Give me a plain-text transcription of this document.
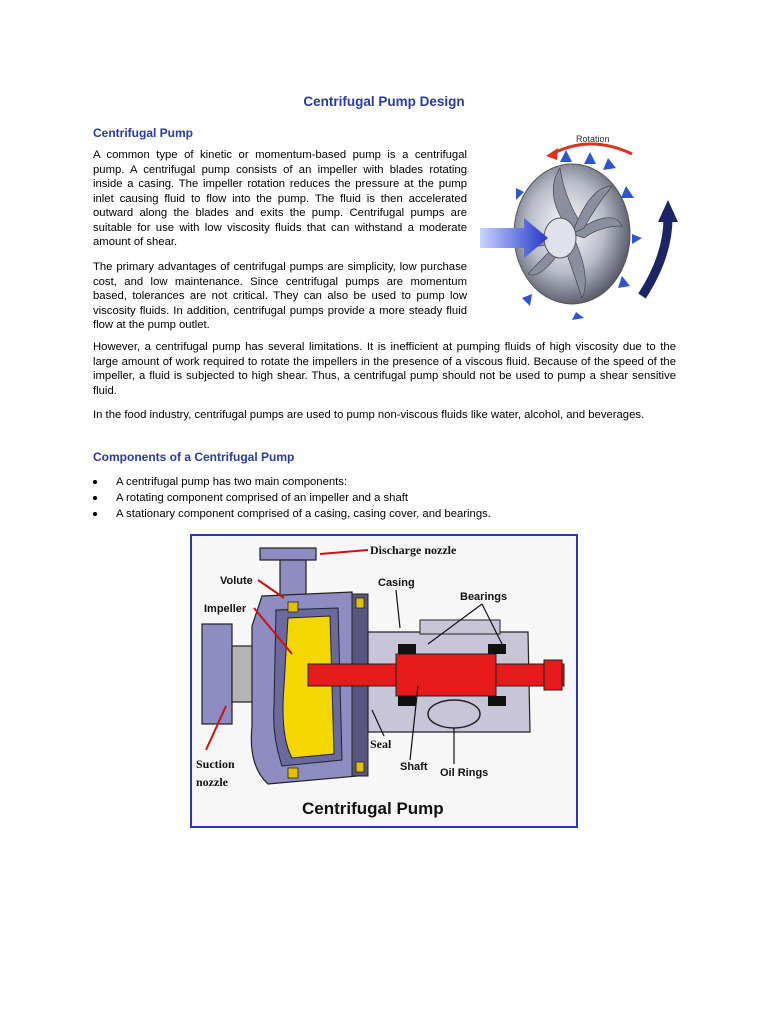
Centrifugal Pump Design
Centrifugal Pump

A common type of kinetic or momentum-based pump is a centrifugal pump. A centrifugal pump consists of an impeller with blades rotating inside a casing. The impeller rotation reduces the pressure at the pump inlet causing fluid to flow into the pump. The fluid is then accelerated outward along the blades and exits the pump. Centrifugal pumps are suitable for use with low viscosity fluids that can withstand a moderate amount of shear.

The primary advantages of centrifugal pumps are simplicity, low purchase cost, and low maintenance. Since centrifugal pumps are momentum based, tolerances are not critical. They can also be used to pump low viscosity fluids. In addition, centrifugal pumps provide a more steady fluid flow at the pump outlet.

However, a centrifugal pump has several limitations. It is inefficient at pumping fluids of high viscosity due to the large amount of work required to rotate the impellers in the presence of a viscous fluid. Because of the speed of the impeller, a fluid is subjected to high shear. Thus, a centrifugal pump should not be used to pump a shear sensitive fluid.

In the food industry, centrifugal pumps are used to pump non-viscous fluids like water, alcohol, and beverages.

Components of a Centrifugal Pump
A centrifugal pump has two main components:
A rotating component comprised of an impeller and a shaft
A stationary component comprised of a casing, casing cover, and bearings.
Rotation
Discharge nozzle
Suction
nozzle
Seal
Volute
Impeller
Casing
Bearings
Shaft Oil Rings
Centrifugal Pump
